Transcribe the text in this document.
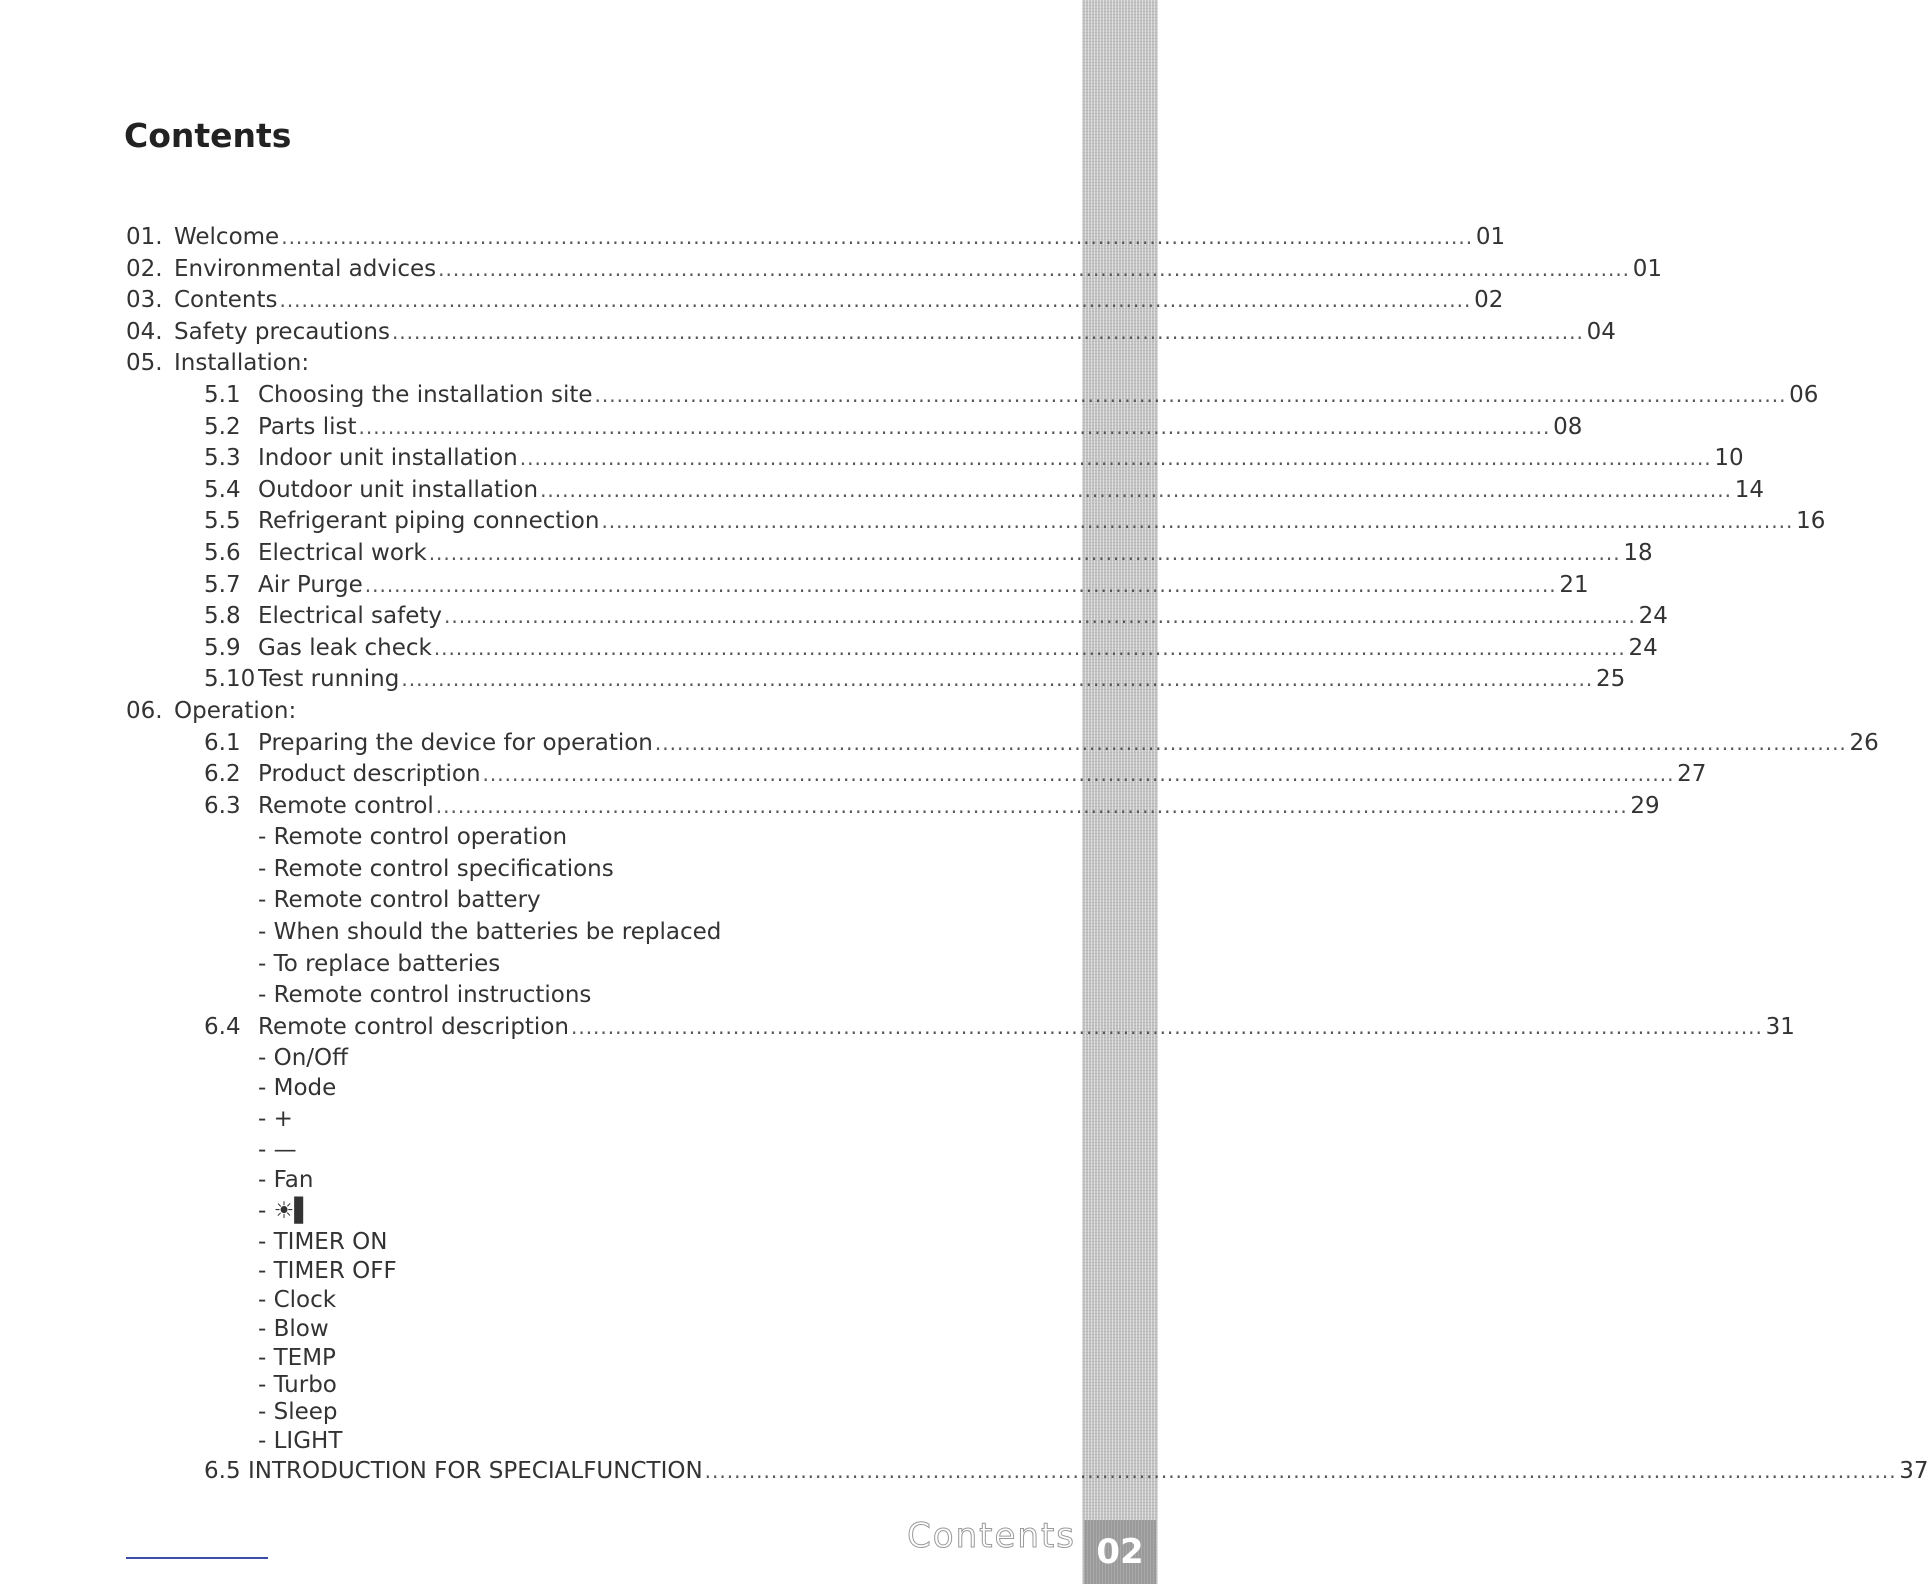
Contents
01. Welcome .................................................................................................................................................................. 01
02. Environmental advices .................................................................................................................................................................. 01
03. Contents .................................................................................................................................................................. 02
04. Safety precautions .................................................................................................................................................................. 04
05. Installation:
5.1 Choosing the installation site .................................................................................................................................................................. 06
5.2 Parts list .................................................................................................................................................................. 08
5.3 Indoor unit installation .................................................................................................................................................................. 10
5.4 Outdoor unit installation .................................................................................................................................................................. 14
5.5 Refrigerant piping connection .................................................................................................................................................................. 16
5.6 Electrical work .................................................................................................................................................................. 18
5.7 Air Purge .................................................................................................................................................................. 21
5.8 Electrical safety .................................................................................................................................................................. 24
5.9 Gas leak check .................................................................................................................................................................. 24
5.10 Test running .................................................................................................................................................................. 25
06. Operation:
6.1 Preparing the device for operation .................................................................................................................................................................. 26
6.2 Product description .................................................................................................................................................................. 27
6.3 Remote control .................................................................................................................................................................. 29
- Remote control operation
- Remote control specifications
- Remote control battery
- When should the batteries be replaced
- To replace batteries
- Remote control instructions
6.4 Remote control description .................................................................................................................................................................. 31
- On/Off
- Mode
- +
- —
- Fan
- ☀▌
- TIMER ON
- TIMER OFF
- Clock
- Blow
- TEMP
- Turbo
- Sleep
- LIGHT
6.5 INTRODUCTION FOR SPECIALFUNCTION .................................................................................................................................................................. 37
Contents 02
